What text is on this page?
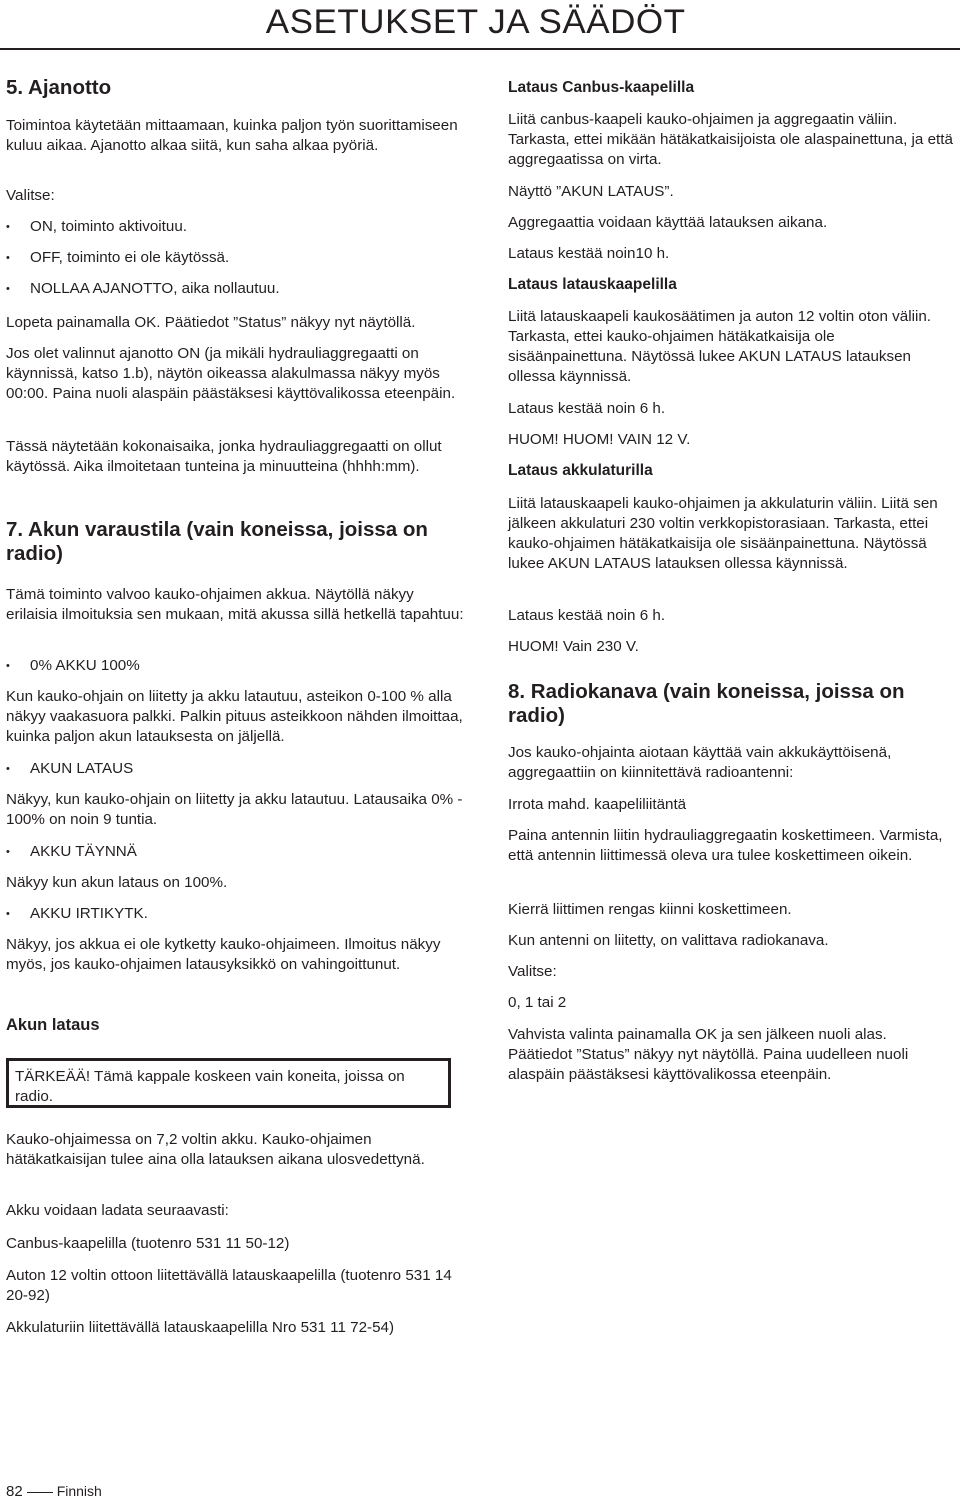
ASETUKSET JA SÄÄDÖT
5. Ajanotto

Toimintoa käytetään mittaamaan, kuinka paljon työn suorittamiseen kuluu aikaa. Ajanotto alkaa siitä, kun saha alkaa pyöriä.

Valitse:

• ON, toiminto aktivoituu.
• OFF, toiminto ei ole käytössä.
• NOLLAA AJANOTTO, aika nollautuu.

Lopeta painamalla OK. Päätiedot ”Status” näkyy nyt näytöllä.

Jos olet valinnut ajanotto ON (ja mikäli hydrauliaggregaatti on käynnissä, katso 1.b), näytön oikeassa alakulmassa näkyy myös 00:00. Paina nuoli alaspäin päästäksesi käyttövalikossa eteenpäin.

Tässä näytetään kokonaisaika, jonka hydrauliaggregaatti on ollut käytössä. Aika ilmoitetaan tunteina ja minuutteina (hhhh:mm).

7. Akun varaustila (vain koneissa, joissa on radio)

Tämä toiminto valvoo kauko-ohjaimen akkua. Näytöllä näkyy erilaisia ilmoituksia sen mukaan, mitä akussa sillä hetkellä tapahtuu:

• 0% AKKU 100%

Kun kauko-ohjain on liitetty ja akku latautuu, asteikon 0-100 % alla näkyy vaakasuora palkki. Palkin pituus asteikkoon nähden ilmoittaa, kuinka paljon akun latauksesta on jäljellä.

• AKUN LATAUS

Näkyy, kun kauko-ohjain on liitetty ja akku latautuu. Latausaika 0% - 100% on noin 9 tuntia.

• AKKU TÄYNNÄ

Näkyy kun akun lataus on 100%.

• AKKU IRTIKYTK.

Näkyy, jos akkua ei ole kytketty kauko-ohjaimeen. Ilmoitus näkyy myös, jos kauko-ohjaimen latausyksikkö on vahingoittunut.

Akun lataus

TÄRKEÄÄ! Tämä kappale koskeen vain koneita, joissa on radio.

Kauko-ohjaimessa on 7,2 voltin akku. Kauko-ohjaimen hätäkatkaisijan tulee aina olla latauksen aikana ulosvedettynä.

Akku voidaan ladata seuraavasti:

Canbus-kaapelilla (tuotenro 531 11 50-12)

Auton 12 voltin ottoon liitettävällä latauskaapelilla (tuotenro 531 14 20-92)

Akkulaturiin liitettävällä latauskaapelilla Nro 531 11 72-54)

Lataus Canbus-kaapelilla

Liitä canbus-kaapeli kauko-ohjaimen ja aggregaatin väliin. Tarkasta, ettei mikään hätäkatkaisijoista ole alaspainettuna, ja että aggregaatissa on virta.

Näyttö ”AKUN LATAUS”.

Aggregaattia voidaan käyttää latauksen aikana.

Lataus kestää noin10 h.

Lataus latauskaapelilla

Liitä latauskaapeli kaukosäätimen ja auton 12 voltin oton väliin. Tarkasta, ettei kauko-ohjaimen hätäkatkaisija ole sisäänpainettuna. Näytössä lukee AKUN LATAUS latauksen ollessa käynnissä.

Lataus kestää noin 6 h.

HUOM! HUOM! VAIN 12 V.

Lataus akkulaturilla

Liitä latauskaapeli kauko-ohjaimen ja akkulaturin väliin. Liitä sen jälkeen akkulaturi 230 voltin verkkopistorasiaan. Tarkasta, ettei kauko-ohjaimen hätäkatkaisija ole sisäänpainettuna. Näytössä lukee AKUN LATAUS latauksen ollessa käynnissä.

Lataus kestää noin 6 h.

HUOM! Vain 230 V.

8. Radiokanava (vain koneissa, joissa on radio)

Jos kauko-ohjainta aiotaan käyttää vain akkukäyttöisenä, aggregaattiin on kiinnitettävä radioantenni:

Irrota mahd. kaapeliliitäntä

Paina antennin liitin hydrauliaggregaatin koskettimeen. Varmista, että antennin liittimessä oleva ura tulee koskettimeen oikein.

Kierrä liittimen rengas kiinni koskettimeen.

Kun antenni on liitetty, on valittava radiokanava.

Valitse:

0, 1 tai 2

Vahvista valinta painamalla OK ja sen jälkeen nuoli alas. Päätiedot ”Status” näkyy nyt näytöllä. Paina uudelleen nuoli alaspäin päästäksesi käyttövalikossa eteenpäin.

82 Finnish
